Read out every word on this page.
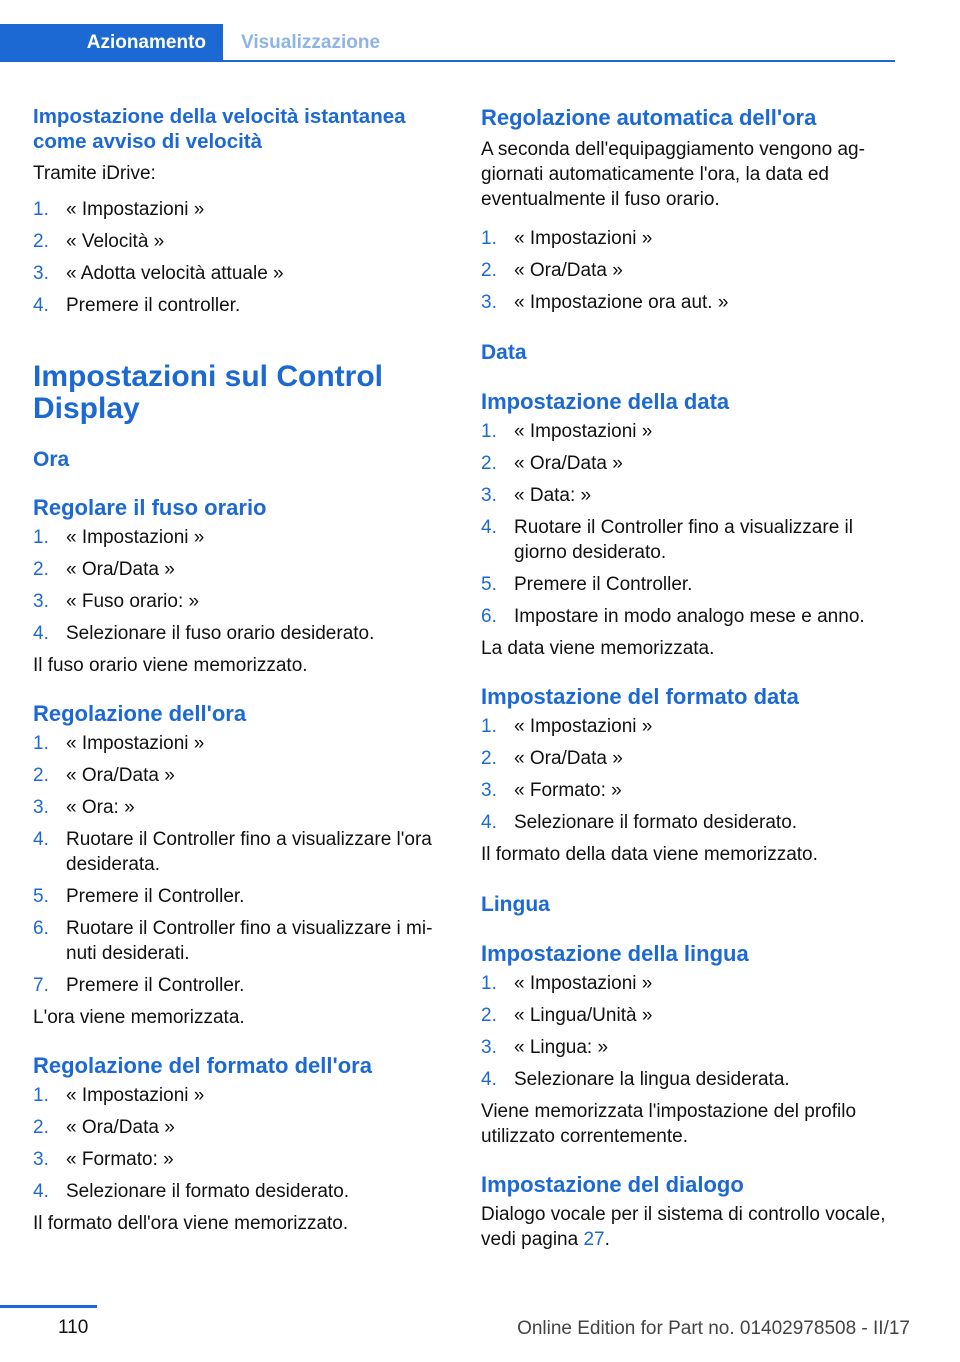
Azionamento	Visualizzazione
Impostazione della velocità istantanea come avviso di velocità

Tramite iDrive:

1. « Impostazioni »
2. « Velocità »
3. « Adotta velocità attuale »
4. Premere il controller.
Impostazioni sul Control Display
Ora
Regolare il fuso orario
1. « Impostazioni »
2. « Ora/Data »
3. « Fuso orario: »
4. Selezionare il fuso orario desiderato.

Il fuso orario viene memorizzato.

Regolazione dell'ora
1. « Impostazioni »
2. « Ora/Data »
3. « Ora: »
4. Ruotare il Controller fino a visualizzare l'ora desiderata.
5. Premere il Controller.
6. Ruotare il Controller fino a visualizzare i minuti desiderati.
7. Premere il Controller.

L'ora viene memorizzata.

Regolazione del formato dell'ora
1. « Impostazioni »
2. « Ora/Data »
3. « Formato: »
4. Selezionare il formato desiderato.

Il formato dell'ora viene memorizzato.

Regolazione automatica dell'ora

A seconda dell'equipaggiamento vengono aggiornati automaticamente l'ora, la data ed eventualmente il fuso orario.

1. « Impostazioni »
2. « Ora/Data »
3. « Impostazione ora aut. »
Data
Impostazione della data
1. « Impostazioni »
2. « Ora/Data »
3. « Data: »
4. Ruotare il Controller fino a visualizzare il giorno desiderato.
5. Premere il Controller.
6. Impostare in modo analogo mese e anno.

La data viene memorizzata.

Impostazione del formato data
1. « Impostazioni »
2. « Ora/Data »
3. « Formato: »
4. Selezionare il formato desiderato.

Il formato della data viene memorizzato.

Lingua
Impostazione della lingua
1. « Impostazioni »
2. « Lingua/Unità »
3. « Lingua: »
4. Selezionare la lingua desiderata.

Viene memorizzata l'impostazione del profilo utilizzato correntemente.

Impostazione del dialogo

Dialogo vocale per il sistema di controllo vocale, vedi pagina 27.

110	Online Edition for Part no. 01402978508 - II/17
